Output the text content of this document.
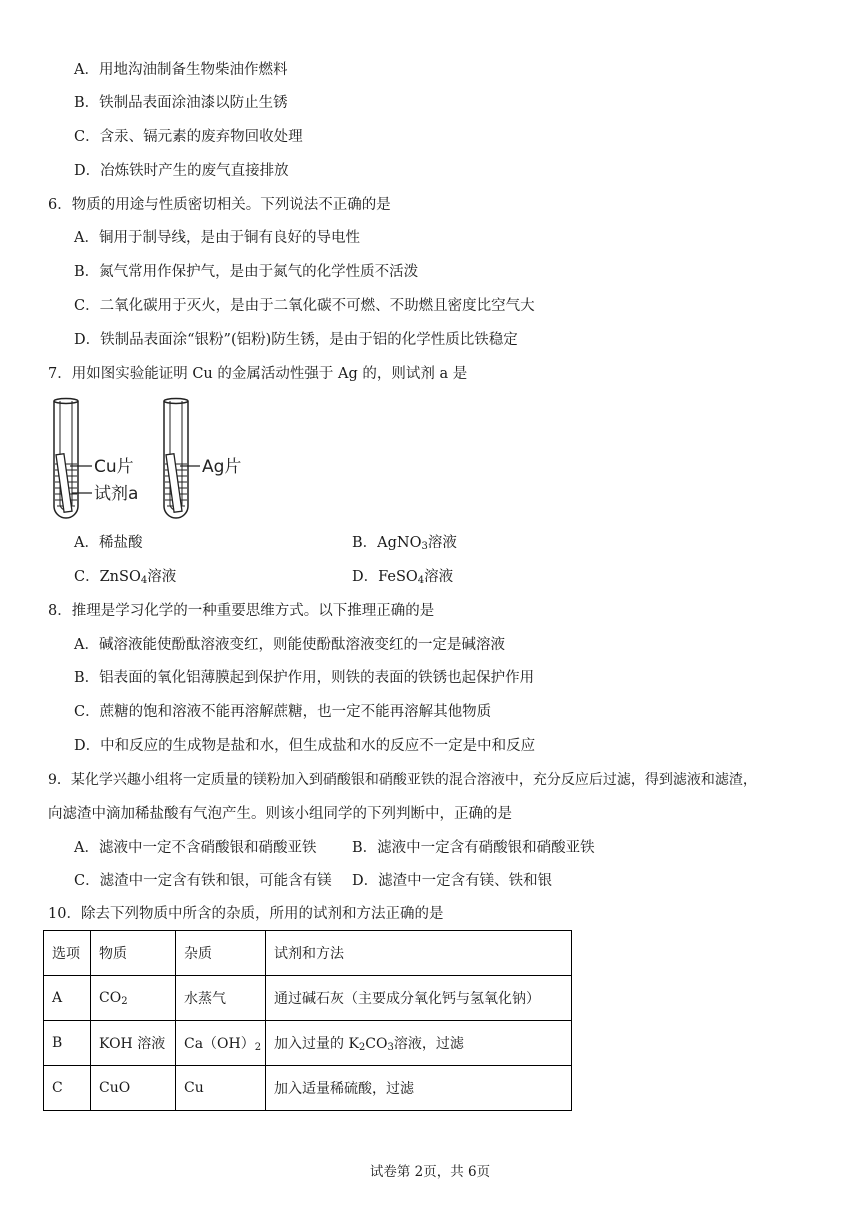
A．用地沟油制备生物柴油作燃料
B．铁制品表面涂油漆以防止生锈
C．含汞、镉元素的废弃物回收处理
D．冶炼铁时产生的废气直接排放
6．物质的用途与性质密切相关。下列说法不正确的是
A．铜用于制导线，是由于铜有良好的导电性
B．氮气常用作保护气，是由于氮气的化学性质不活泼
C．二氧化碳用于灭火，是由于二氧化碳不可燃、不助燃且密度比空气大
D．铁制品表面涂“银粉”(铝粉)防生锈，是由于铝的化学性质比铁稳定
7．用如图实验能证明 Cu 的金属活动性强于 Ag 的，则试剂 a 是
Cu片
试剂a
Ag片
A．稀盐酸	B．AgNO$_3$溶液
C．ZnSO$_4$溶液	D．FeSO$_4$溶液
8．推理是学习化学的一种重要思维方式。以下推理正确的是
A．碱溶液能使酚酞溶液变红，则能使酚酞溶液变红的一定是碱溶液
B．铝表面的氧化铝薄膜起到保护作用，则铁的表面的铁锈也起保护作用
C．蔗糖的饱和溶液不能再溶解蔗糖，也一定不能再溶解其他物质
D．中和反应的生成物是盐和水，但生成盐和水的反应不一定是中和反应
9．某化学兴趣小组将一定质量的镁粉加入到硝酸银和硝酸亚铁的混合溶液中，充分反应后过滤，得到滤液和滤渣，
向滤渣中滴加稀盐酸有气泡产生。则该小组同学的下列判断中，正确的是
A．滤液中一定不含硝酸银和硝酸亚铁 B．滤液中一定含有硝酸银和硝酸亚铁
C．滤渣中一定含有铁和银，可能含有镁 D．滤渣中一定含有镁、铁和银
10．除去下列物质中所含的杂质，所用的试剂和方法正确的是
选项	物质	杂质	试剂和方法
A	$CO_2$	水蒸气	通过碱石灰（主要成分氧化钙与氢氧化钠）
B	KOH 溶液	$Ca(OH)_2$	加入过量的 $K_2CO_3$溶液，过滤
C	CuO	Cu	加入适量稀硫酸，过滤
试卷第 2页，共 6页
